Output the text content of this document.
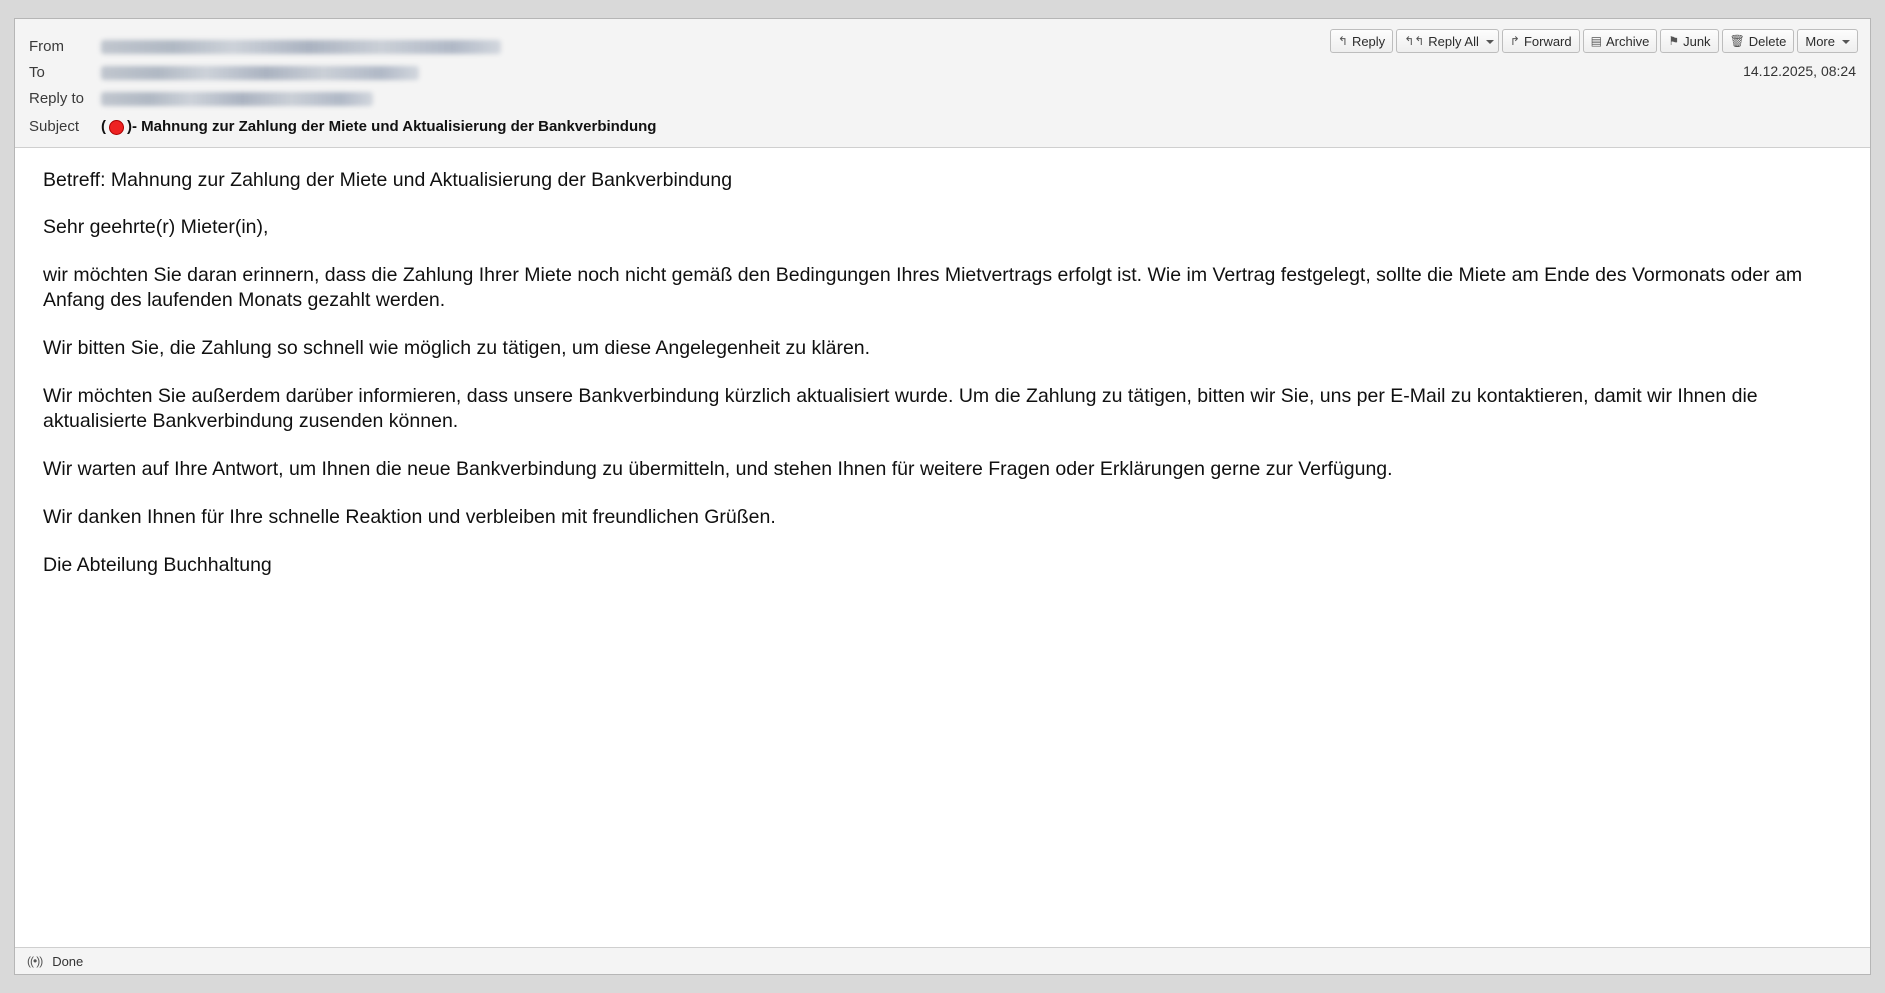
↰ Reply ↰↰ Reply All	↱ Forward ▤ Archive ⚑ Junk 🗑 Delete More
14.12.2025, 08:24
From
To
Reply to
Subject	( )- Mahnung zur Zahlung der Miete und Aktualisierung der Bankverbindung

Betreff: Mahnung zur Zahlung der Miete und Aktualisierung der Bankverbindung

Sehr geehrte(r) Mieter(in),

wir möchten Sie daran erinnern, dass die Zahlung Ihrer Miete noch nicht gemäß den Bedingungen Ihres Mietvertrags erfolgt ist. Wie im Vertrag festgelegt, sollte die Miete am Ende des Vormonats oder am Anfang des laufenden Monats gezahlt werden.

Wir bitten Sie, die Zahlung so schnell wie möglich zu tätigen, um diese Angelegenheit zu klären.

Wir möchten Sie außerdem darüber informieren, dass unsere Bankverbindung kürzlich aktualisiert wurde. Um die Zahlung zu tätigen, bitten wir Sie, uns per E-Mail zu kontaktieren, damit wir Ihnen die aktualisierte Bankverbindung zusenden können.

Wir warten auf Ihre Antwort, um Ihnen die neue Bankverbindung zu übermitteln, und stehen Ihnen für weitere Fragen oder Erklärungen gerne zur Verfügung.

Wir danken Ihnen für Ihre schnelle Reaktion und verbleiben mit freundlichen Grüßen.

Die Abteilung Buchhaltung

((•)) Done
